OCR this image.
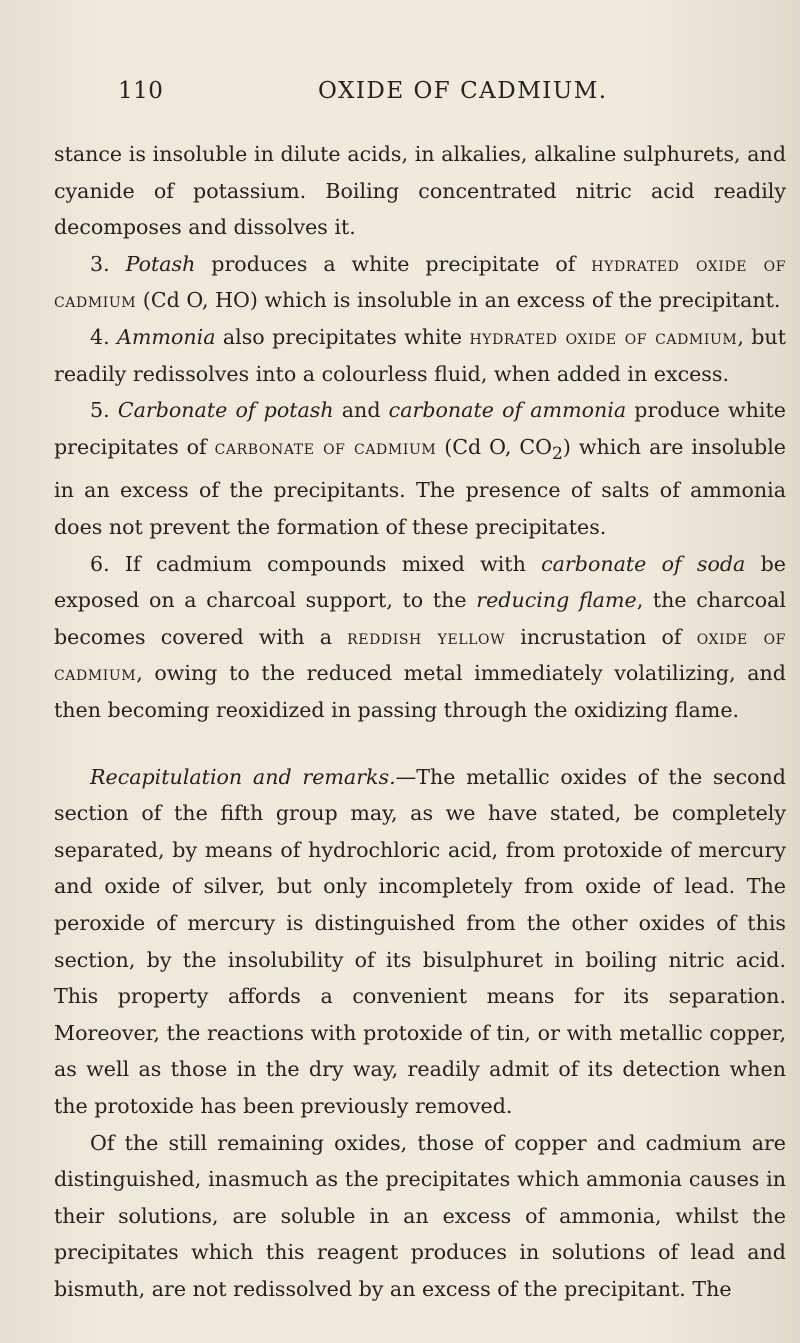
110	OXIDE OF CADMIUM.

stance is insoluble in dilute acids, in alkalies, alkaline sulphurets, and cyanide of potassium. Boiling concentrated nitric acid readily decomposes and dissolves it.

3. Potash produces a white precipitate of hydrated oxide of cadmium (Cd O, HO) which is insoluble in an excess of the precipitant.

4. Ammonia also precipitates white hydrated oxide of cadmium, but readily redissolves into a colourless fluid, when added in excess.

5. Carbonate of potash and carbonate of ammonia produce white precipitates of carbonate of cadmium (Cd O, $CO_2$) which are insoluble in an excess of the precipitants. The presence of salts of ammonia does not prevent the formation of these precipitates.

6. If cadmium compounds mixed with carbonate of soda be exposed on a charcoal support, to the reducing flame, the charcoal becomes covered with a reddish yellow incrustation of oxide of cadmium, owing to the reduced metal immediately volatilizing, and then becoming reoxidized in passing through the oxidizing flame.

Recapitulation and remarks.—The metallic oxides of the second section of the fifth group may, as we have stated, be completely separated, by means of hydrochloric acid, from protoxide of mercury and oxide of silver, but only incompletely from oxide of lead. The peroxide of mercury is distinguished from the other oxides of this section, by the insolubility of its bisulphuret in boiling nitric acid. This property affords a convenient means for its separation. Moreover, the reactions with protoxide of tin, or with metallic copper, as well as those in the dry way, readily admit of its detection when the protoxide has been previously removed.

Of the still remaining oxides, those of copper and cadmium are distinguished, inasmuch as the precipitates which ammonia causes in their solutions, are soluble in an excess of ammonia, whilst the precipitates which this reagent produces in solutions of lead and bismuth, are not redissolved by an excess of the precipitant. The
